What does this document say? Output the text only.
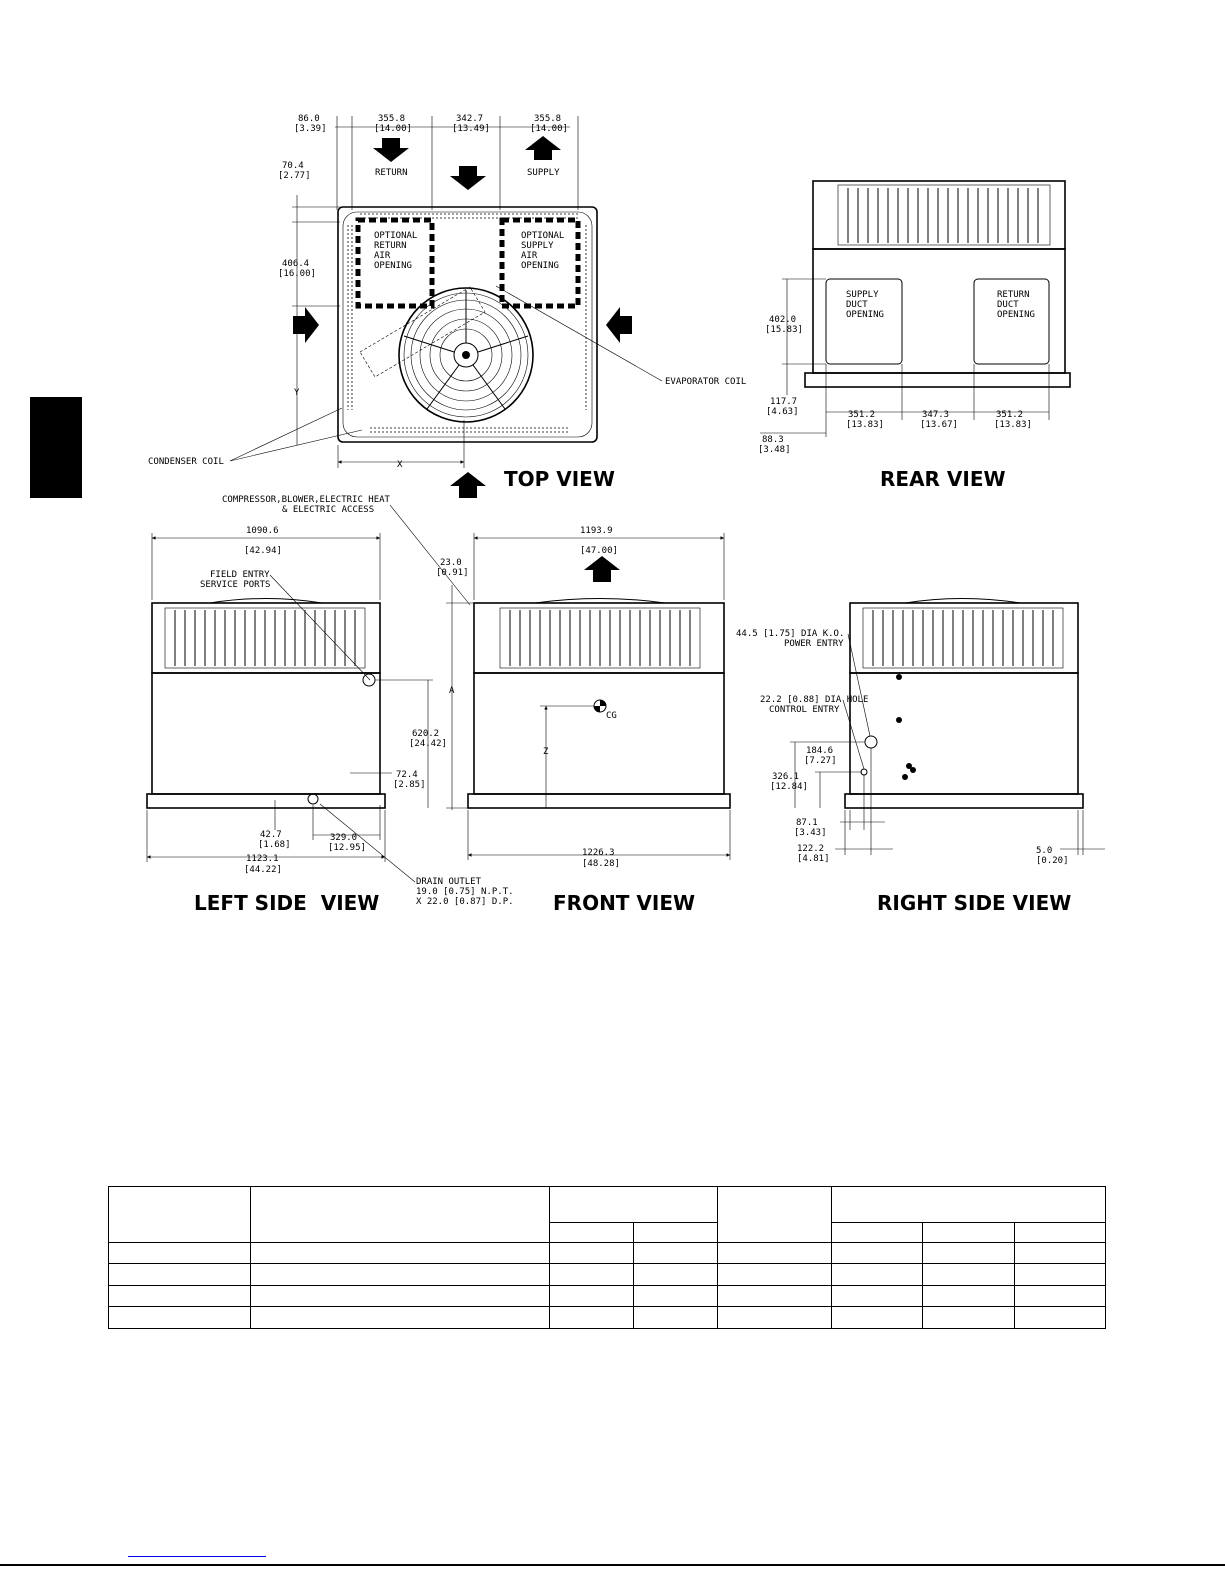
86.0
[3.39]
355.8
[14.00]
342.7
[13.49]
355.8
[14.00]
RETURN	SUPPLY
70.4
[2.77]
406.4
[16.00]
Y
OPTIONAL
RETURN
AIR
OPENING
OPTIONAL
SUPPLY
AIR
OPENING
X
EVAPORATOR COIL
CONDENSER COIL
TOP VIEW
SUPPLY
DUCT
OPENING
RETURN
DUCT
OPENING
402.0
[15.83]
117.7
[4.63]	351.2
[13.83]
347.3
[13.67]
351.2
[13.83]
88.3
[3.48]
REAR VIEW
COMPRESSOR,BLOWER,ELECTRIC HEAT
& ELECTRIC ACCESS
1090.6
[42.94]
FIELD ENTRY
SERVICE PORTS
620.2
[24.42]
72.4
[2.85]
42.7
[1.68]
329.0
[12.95]
1123.1
[44.22]
DRAIN OUTLET
19.0 [0.75] N.P.T.
X 22.0 [0.87] D.P.
LEFT SIDE  VIEW
1193.9
[47.00]
23.0
[0.91]
A
CG
Z
1226.3
[48.28]
FRONT VIEW
44.5 [1.75] DIA K.O.
POWER ENTRY
22.2 [0.88] DIA HOLE
CONTROL ENTRY
184.6
[7.27]
326.1
[12.84]
87.1
[3.43]
122.2
[4.81]
5.0
[0.20]
RIGHT SIDE VIEW
